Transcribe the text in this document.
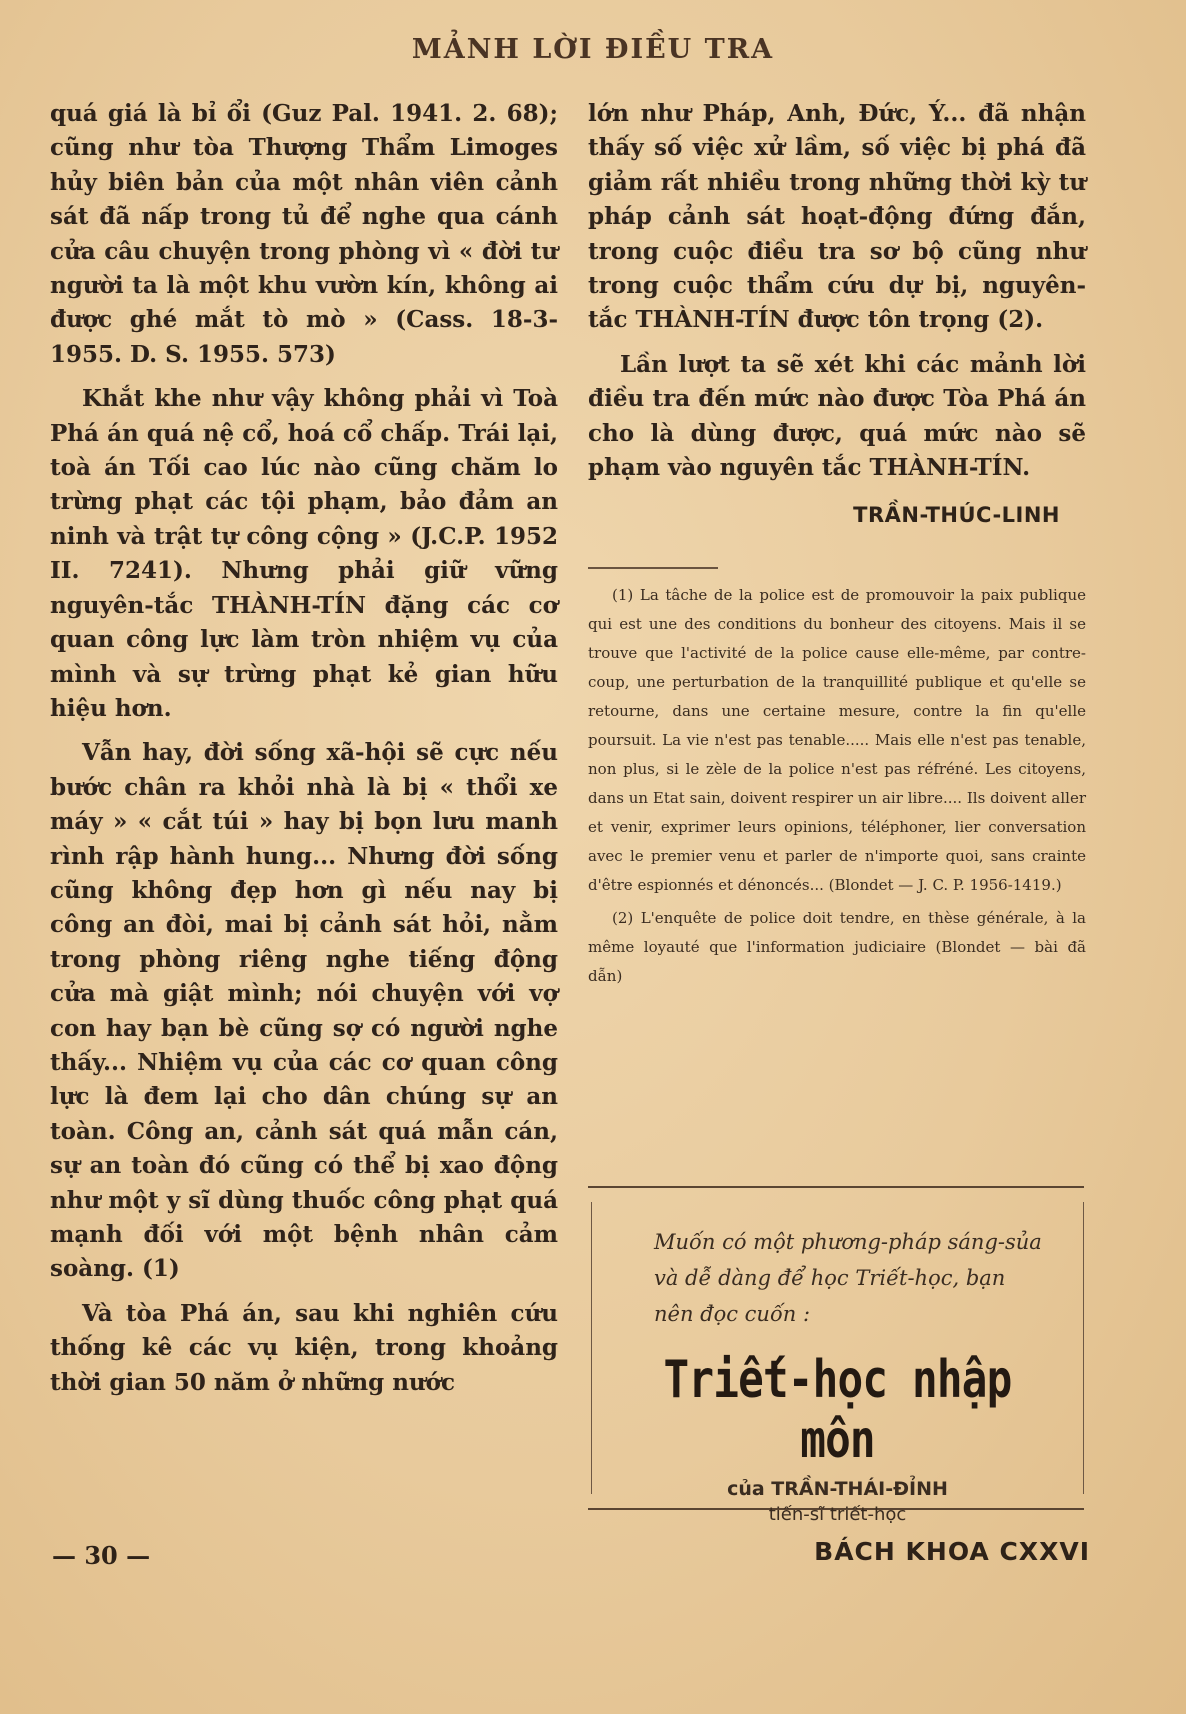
MẢNH LỜI ĐIỀU TRA

quá giá là bỉ ổi (Guz Pal. 1941. 2. 68); cũng như tòa Thượng Thẩm Limoges hủy biên bản của một nhân viên cảnh sát đã nấp trong tủ để nghe qua cánh cửa câu chuyện trong phòng vì « đời tư người ta là một khu vườn kín, không ai được ghé mắt tò mò » (Cass. 18-3-1955. D. S. 1955. 573)

Khắt khe như vậy không phải vì Toà Phá án quá nệ cổ, hoá cổ chấp. Trái lại, toà án Tối cao lúc nào cũng chăm lo trừng phạt các tội phạm, bảo đảm an ninh và trật tự công cộng » (J.C.P. 1952 II. 7241). Nhưng phải giữ vững nguyên-tắc THÀNH-TÍN đặng các cơ quan công lực làm tròn nhiệm vụ của mình và sự trừng phạt kẻ gian hữu hiệu hơn.

Vẫn hay, đời sống xã-hội sẽ cực nếu bước chân ra khỏi nhà là bị « thổi xe máy » « cắt túi » hay bị bọn lưu manh rình rập hành hung... Nhưng đời sống cũng không đẹp hơn gì nếu nay bị công an đòi, mai bị cảnh sát hỏi, nằm trong phòng riêng nghe tiếng động cửa mà giật mình; nói chuyện với vợ con hay bạn bè cũng sợ có người nghe thấy... Nhiệm vụ của các cơ quan công lực là đem lại cho dân chúng sự an toàn. Công an, cảnh sát quá mẫn cán, sự an toàn đó cũng có thể bị xao động như một y sĩ dùng thuốc công phạt quá mạnh đối với một bệnh nhân cảm soàng. (1)

Và tòa Phá án, sau khi nghiên cứu thống kê các vụ kiện, trong khoảng thời gian 50 năm ở những nước

lớn như Pháp, Anh, Đức, Ý... đã nhận thấy số việc xử lầm, số việc bị phá đã giảm rất nhiều trong những thời kỳ tư pháp cảnh sát hoạt-động đứng đắn, trong cuộc điều tra sơ bộ cũng như trong cuộc thẩm cứu dự bị, nguyên-tắc THÀNH-TÍN được tôn trọng (2).

Lần lượt ta sẽ xét khi các mảnh lời điều tra đến mức nào được Tòa Phá án cho là dùng được, quá mức nào sẽ phạm vào nguyên tắc THÀNH-TÍN.

TRẦN-THÚC-LINH

(1) La tâche de la police est de promouvoir la paix publique qui est une des conditions du bonheur des citoyens. Mais il se trouve que l'activité de la police cause elle-même, par contre-coup, une perturbation de la tranquillité publique et qu'elle se retourne, dans une certaine mesure, contre la fin qu'elle poursuit. La vie n'est pas tenable..... Mais elle n'est pas tenable, non plus, si le zèle de la police n'est pas réfréné. Les citoyens, dans un Etat sain, doivent respirer un air libre.... Ils doivent aller et venir, exprimer leurs opinions, téléphoner, lier conversation avec le premier venu et parler de n'importe quoi, sans crainte d'être espionnés et dénoncés... (Blondet — J. C. P. 1956-1419.)

(2) L'enquête de police doit tendre, en thèse générale, à la même loyauté que l'information judiciaire (Blondet — bài đã dẫn)

Muốn có một phương-pháp sáng-sủa và dễ dàng để học Triết-học, bạn nên đọc cuốn :
Triết-học nhập môn
của TRẦN-THÁI-ĐỈNH
tiến-sĩ triết-học
— 30 —	BÁCH KHOA CXXVI
